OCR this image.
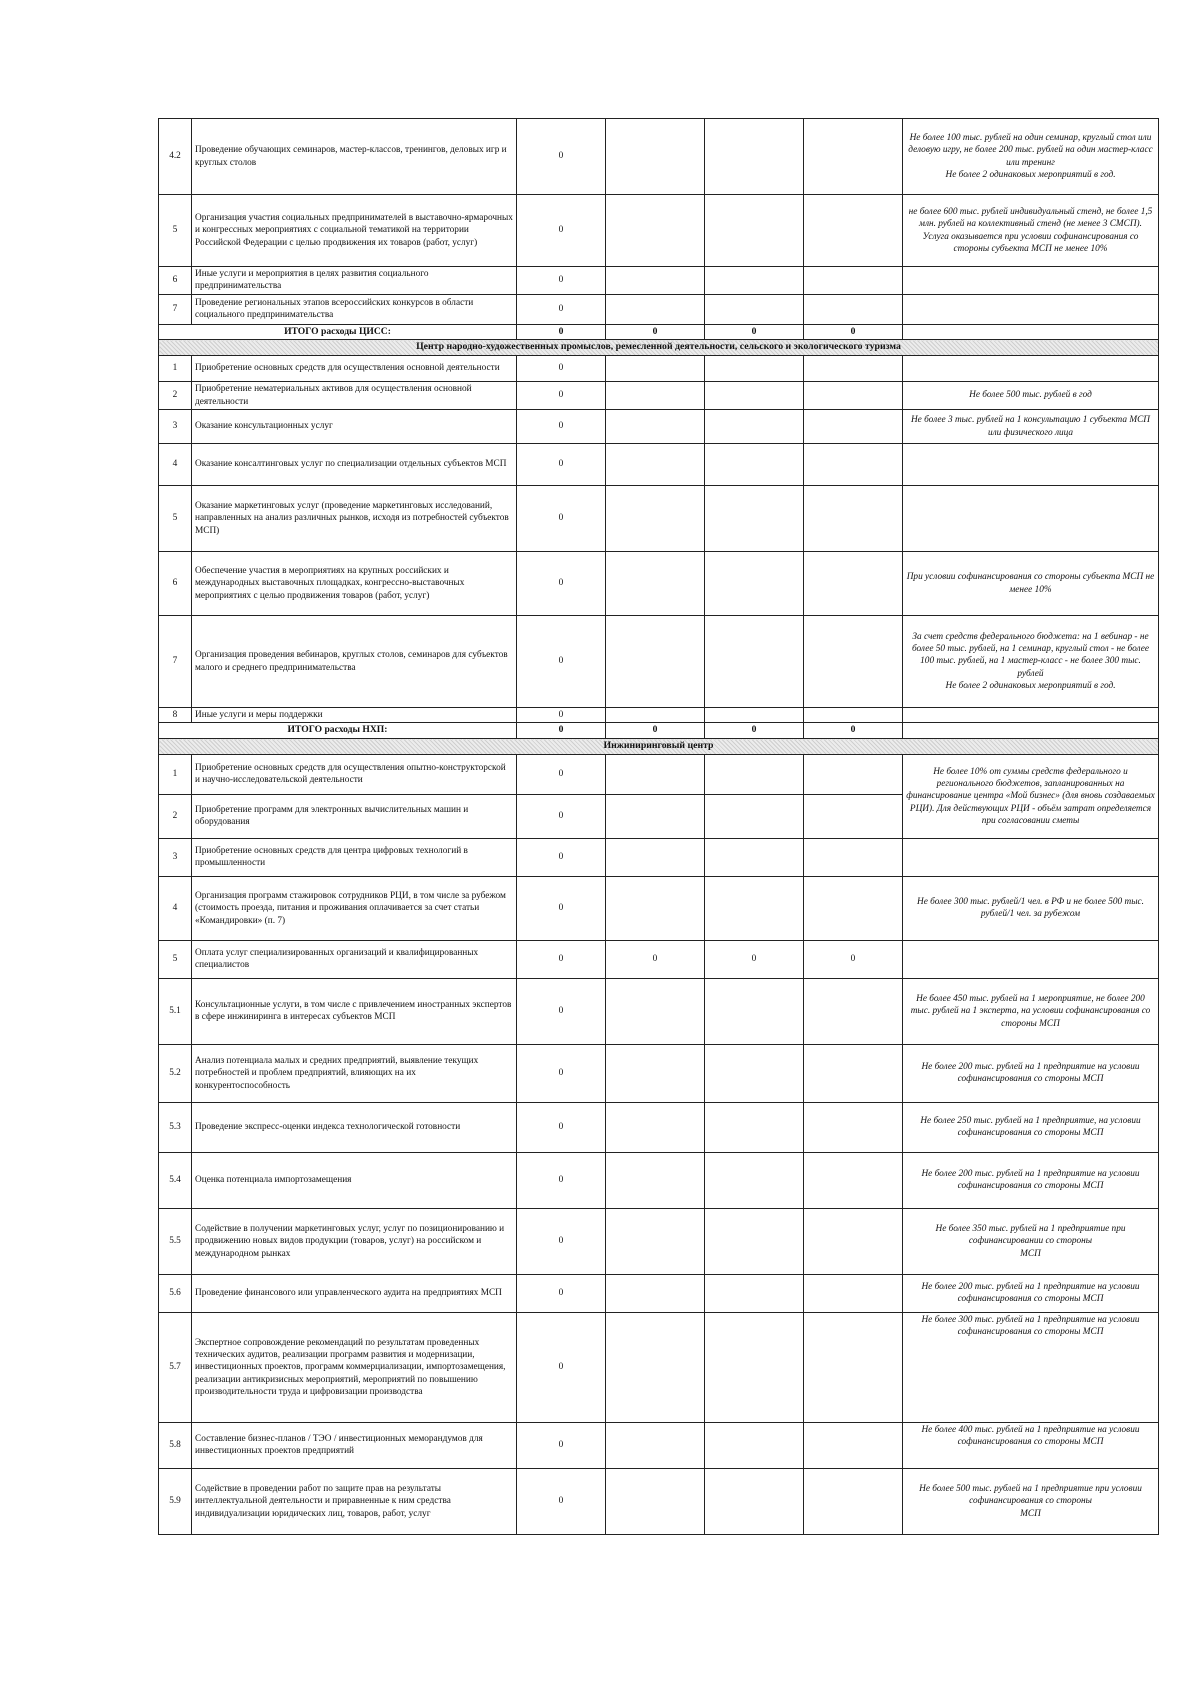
4.2	Проведение обучающих семинаров, мастер-классов, тренингов, деловых игр и круглых столов	0				Не более 100 тыс. рублей на один семинар, круглый стол или деловую игру, не более 200 тыс. рублей на один мастер-класс или тренинг
Не более 2 одинаковых мероприятий в год.
5	Организация участия социальных предпринимателей в выставочно-ярмарочных и конгрессных мероприятиях с социальной тематикой на территории Российской Федерации с целью продвижения их товаров (работ, услуг)	0				не более 600 тыс. рублей индивидуальный стенд, не более 1,5 млн. рублей на коллективный стенд (не менее 3 СМСП). Услуга оказывается при условии софинансирования со стороны субъекта МСП не менее 10%
6	Иные услуги и мероприятия в целях развития социального предпринимательства	0				
7	Проведение региональных этапов всероссийских конкурсов в области социального предпринимательства	0				
ИТОГО расходы ЦИСС:		0	0	0	0	
Центр народно-художественных промыслов, ремесленной деятельности, сельского и экологического туризма						
1	Приобретение основных средств для осуществления основной деятельности	0				
2	Приобретение нематериальных активов для осуществления основной деятельности	0				Не более 500 тыс. рублей в год
3	Оказание консультационных услуг	0				Не более 3 тыс. рублей на 1 консультацию 1 субъекта МСП или физического лица
4	Оказание консалтинговых услуг по специализации отдельных субъектов МСП	0				
5	Оказание маркетинговых услуг (проведение маркетинговых исследований, направленных на анализ различных рынков, исходя из потребностей субъектов МСП)	0				
6	Обеспечение участия в мероприятиях на крупных российских и международных выставочных площадках, конгрессно-выставочных мероприятиях с целью продвижения товаров (работ, услуг)	0				При условии софинансирования со стороны субъекта МСП не менее 10%
7	Организация проведения вебинаров, круглых столов, семинаров для субъектов малого и среднего предпринимательства	0				За счет средств федерального бюджета: на 1 вебинар - не более 50 тыс. рублей, на 1 семинар, круглый стол - не более 100 тыс. рублей, на 1 мастер-класс - не более 300 тыс. рублей
Не более 2 одинаковых мероприятий в год.
8	Иные услуги и меры поддержки	0				
ИТОГО расходы НХП:		0	0	0	0	
Инжиниринговый центр						
1	Приобретение основных средств для осуществления опытно-конструкторской и научно-исследовательской деятельности	0				Не более 10% от суммы средств федерального и регионального бюджетов, запланированных на финансирование центра «Мой бизнес» (для вновь создаваемых РЦИ). Для действующих РЦИ - объём затрат определяется при согласовании сметы
2	Приобретение программ для электронных вычислительных машин и оборудования	0				
3	Приобретение основных средств для центра цифровых технологий в промышленности	0				
4	Организация программ стажировок сотрудников РЦИ, в том числе за рубежом (стоимость проезда, питания и проживания оплачивается за счет статьи «Командировки» (п. 7)	0				Не более 300 тыс. рублей/1 чел. в РФ и не более 500 тыс. рублей/1 чел. за рубежом
5	Оплата услуг специализированных организаций и квалифицированных специалистов	0	0	0	0	
5.1	Консультационные услуги, в том числе с привлечением иностранных экспертов в сфере инжиниринга в интересах субъектов МСП	0				Не более 450 тыс. рублей на 1 мероприятие, не более 200 тыс. рублей на 1 эксперта, на условии софинансирования со стороны МСП
5.2	Анализ потенциала малых и средних предприятий, выявление текущих потребностей и проблем предприятий, влияющих на их конкурентоспособность	0				Не более 200 тыс. рублей на 1 предприятие на условии софинансирования со стороны МСП
5.3	Проведение экспресс-оценки индекса технологической готовности	0				Не более 250 тыс. рублей на 1 предприятие, на условии софинансирования со стороны МСП
5.4	Оценка потенциала импортозамещения	0				Не более 200 тыс. рублей на 1 предприятие на условии софинансирования со стороны МСП
5.5	Содействие в получении маркетинговых услуг, услуг по позиционированию и продвижению новых видов продукции (товаров, услуг) на российском и международном рынках	0				Не более 350 тыс. рублей на 1 предприятие при софинансировании со стороны
МСП
5.6	Проведение финансового или управленческого аудита на предприятиях МСП	0				Не более 200 тыс. рублей на 1 предприятие на условии софинансирования со стороны МСП
5.7	Экспертное сопровождение рекомендаций по результатам проведенных технических аудитов, реализации программ развития и модернизации, инвестиционных проектов, программ коммерциализации, импортозамещения, реализации антикризисных мероприятий, мероприятий по повышению производительности труда и цифровизации производства	0				Не более 300 тыс. рублей на 1 предприятие на условии софинансирования со стороны МСП
5.8	Составление бизнес-планов / ТЭО / инвестиционных меморандумов для инвестиционных проектов предприятий	0				Не более 400 тыс. рублей на 1 предприятие на условии софинансирования со стороны МСП
5.9	Содействие в проведении работ по защите прав на результаты интеллектуальной деятельности и приравненные к ним средства индивидуализации юридических лиц, товаров, работ, услуг	0				Не более 500 тыс. рублей на 1 предприятие при условии софинансирования со стороны
МСП
